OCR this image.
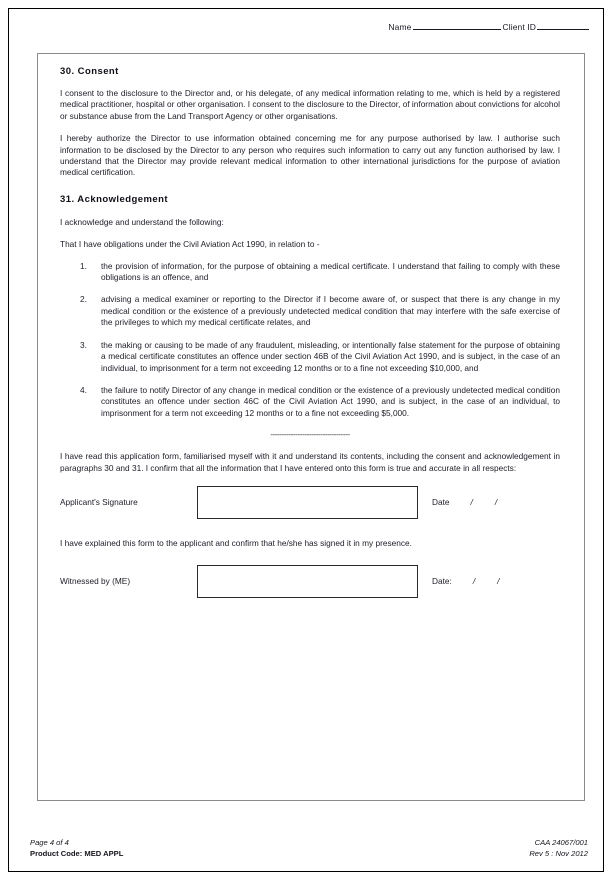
Name	Client ID
30. Consent

I consent to the disclosure to the Director and, or his delegate, of any medical information relating to me, which is held by a registered medical practitioner, hospital or other organisation. I consent to the disclosure to the Director, of information about convictions for alcohol or substance abuse from the Land Transport Agency or other organisations.

I hereby authorize the Director to use information obtained concerning me for any purpose authorised by law. I authorise such information to be disclosed by the Director to any person who requires such information to carry out any function authorised by law. I understand that the Director may provide relevant medical information to other international jurisdictions for the purpose of aviation medical certification.

31. Acknowledgement

I acknowledge and understand the following:

That I have obligations under the Civil Aviation Act 1990, in relation to -

1.	the provision of information, for the purpose of obtaining a medical certificate. I understand that failing to comply with these obligations is an offence, and
2.	advising a medical examiner or reporting to the Director if I become aware of, or suspect that there is any change in my medical condition or the existence of a previously undetected medical condition that may interfere with the safe exercise of the privileges to which my medical certificate relates, and
3.	the making or causing to be made of any fraudulent, misleading, or intentionally false statement for the purpose of obtaining a medical certificate constitutes an offence under section 46B of the Civil Aviation Act 1990, and is subject, in the case of an individual, to imprisonment for a term not exceeding 12 months or to a fine not exceeding $10,000, and
4.	the failure to notify Director of any change in medical condition or the existence of a previously undetected medical condition constitutes an offence under section 46C of the Civil Aviation Act 1990, and is subject, in the case of an individual, to imprisonment for a term not exceeding 12 months or to a fine not exceeding $5,000.
-----------------------------------

I have read this application form, familiarised myself with it and understand its contents, including the consent and acknowledgement in paragraphs 30 and 31. I confirm that all the information that I have entered onto this form is true and accurate in all respects:

Applicant's Signature	Date	/	/

I have explained this form to the applicant and confirm that he/she has signed it in my presence.

Witnessed by (ME)	Date:	/	/
Page 4 of 4
Product Code: MED APPL
CAA 24067/001
Rev 5 : Nov 2012
